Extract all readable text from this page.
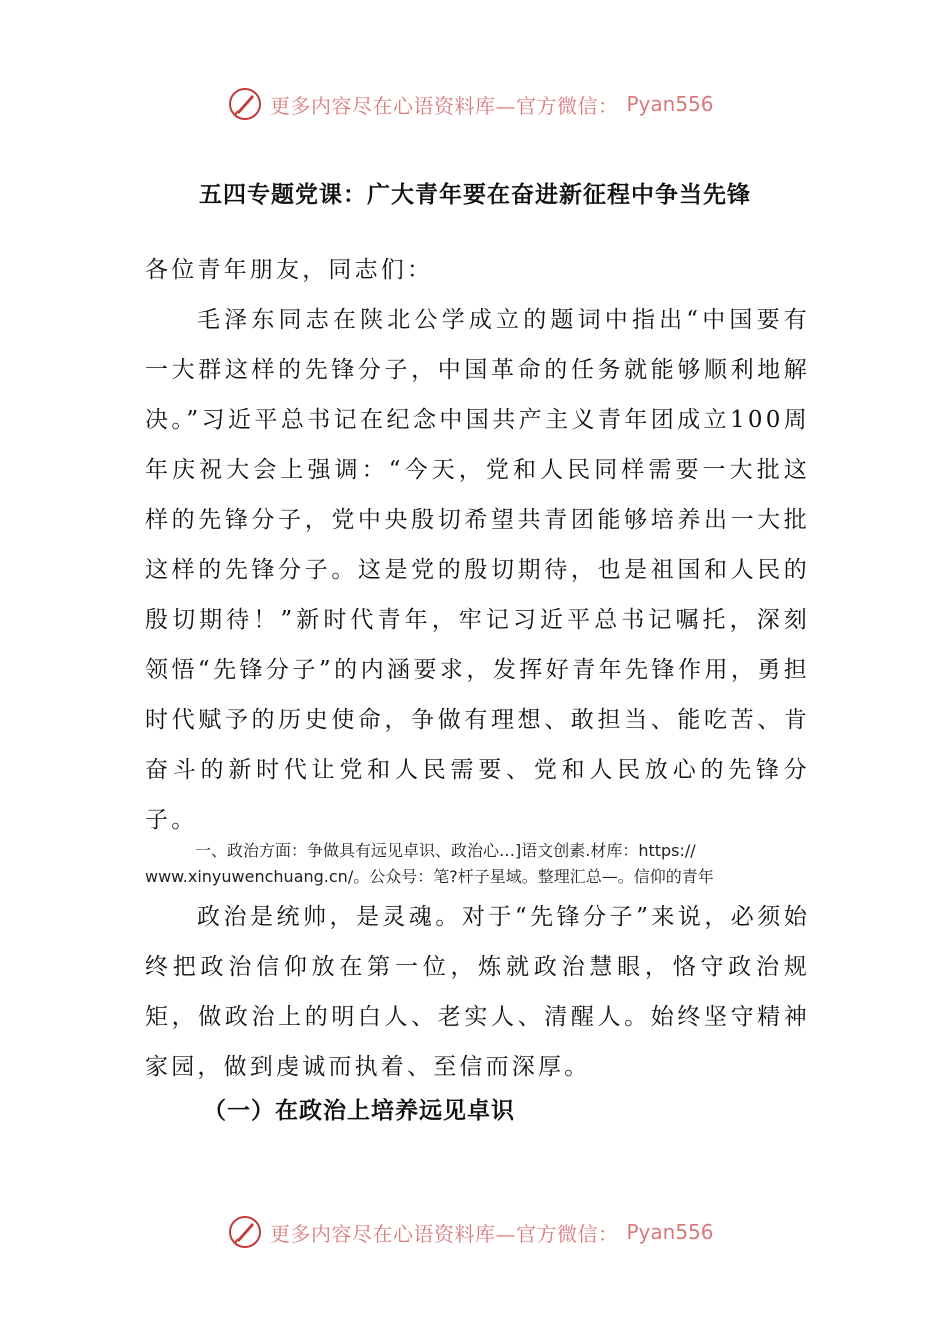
更多内容尽在心语资料库—官方微信： Pyan556
五四专题党课：广大青年要在奋进新征程中争当先锋
各位青年朋友，同志们：
毛泽东同志在陕北公学成立的题词中指出“中国要有一大群这样的先锋分子，中国革命的任务就能够顺利地解决。”习近平总书记在纪念中国共产主义青年团成立100周年庆祝大会上强调：“今天，党和人民同样需要一大批这样的先锋分子，党中央殷切希望共青团能够培养出一大批这样的先锋分子。这是党的殷切期待，也是祖国和人民的殷切期待！”新时代青年，牢记习近平总书记嘱托，深刻领悟“先锋分子”的内涵要求，发挥好青年先锋作用，勇担时代赋予的历史使命，争做有理想、敢担当、能吃苦、肯奋斗的新时代让党和人民需要、党和人民放心的先锋分子。
一、政治方面：争做具有远见卓识、政治心…]语文创素.材库：https://
www.xinyuwenchuang.cn/。公众号：笔?杆子星域。整理汇总—。信仰的青年
政治是统帅，是灵魂。对于“先锋分子”来说，必须始终把政治信仰放在第一位，炼就政治慧眼，恪守政治规矩，做政治上的明白人、老实人、清醒人。始终坚守精神家园，做到虔诚而执着、至信而深厚。
（一）在政治上培养远见卓识
更多内容尽在心语资料库—官方微信： Pyan556
